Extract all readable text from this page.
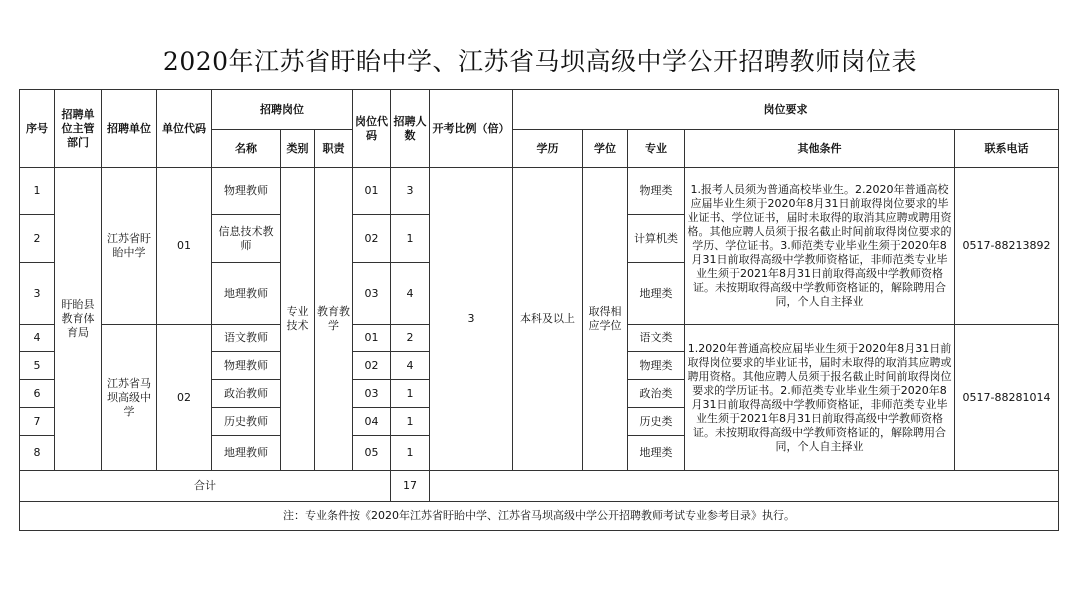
2020年江苏省盱眙中学、江苏省马坝高级中学公开招聘教师岗位表
序号	招聘单位主管部门	招聘单位	单位代码	招聘岗位			岗位代码	招聘人数	开考比例（倍）	岗位要求				
				名称	类别	职责				学历	学位	专业	其他条件	联系电话
1	盱眙县教育体育局	江苏省盱眙中学	01	物理教师	专业技术	教育教学	01	3	3	本科及以上	取得相应学位	物理类	1.报考人员须为普通高校毕业生。2.2020年普通高校应届毕业生须于2020年8月31日前取得岗位要求的毕业证书、学位证书，届时未取得的取消其应聘或聘用资格。其他应聘人员须于报名截止时间前取得岗位要求的学历、学位证书。3.师范类专业毕业生须于2020年8月31日前取得高级中学教师资格证，非师范类专业毕业生须于2021年8月31日前取得高级中学教师资格证。未按期取得高级中学教师资格证的，解除聘用合同，个人自主择业	0517-88213892
2				信息技术教师			02	1				计算机类		
3				地理教师			03	4				地理类		
4		江苏省马坝高级中学	02	语文教师			01	2				语文类	1.2020年普通高校应届毕业生须于2020年8月31日前取得岗位要求的毕业证书，届时未取得的取消其应聘或聘用资格。其他应聘人员须于报名截止时间前取得岗位要求的学历证书。2.师范类专业毕业生须于2020年8月31日前取得高级中学教师资格证，非师范类专业毕业生须于2021年8月31日前取得高级中学教师资格证。未按期取得高级中学教师资格证的，解除聘用合同，个人自主择业	0517-88281014
5				物理教师			02	4				物理类		
6				政治教师			03	1				政治类		
7				历史教师			04	1				历史类		
8				地理教师			05	1				地理类		
合计								17						
注：专业条件按《2020年江苏省盱眙中学、江苏省马坝高级中学公开招聘教师考试专业参考目录》执行。														
